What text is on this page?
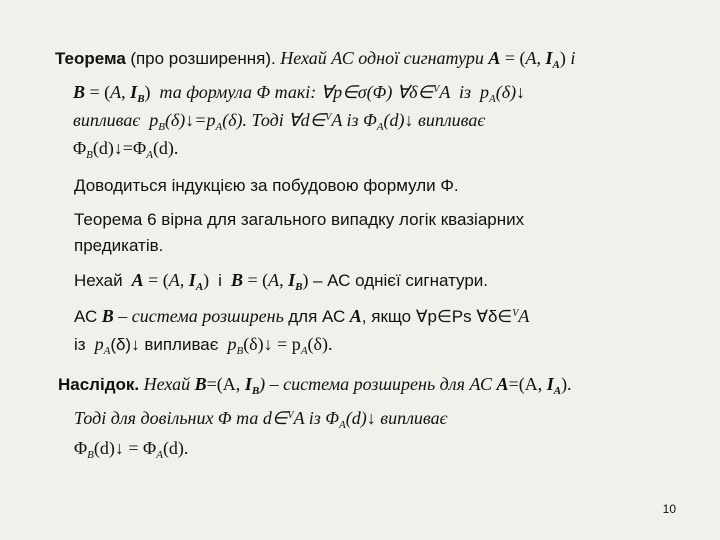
Теорема (про розширення). Нехай АС одної сигнатури A = (A, $I_A$) і
B = (A, $I_B$) та формула Φ такі: ∀p∈σ(Φ) ∀δ∈$^V$A із $p_A(\delta)↓$
випливає $p_B(\delta)↓=p_A(\delta)$. Тоді ∀d∈$^V$A із $\Phi_A(d)↓$ випливає
$\Phi_B(d)↓=\Phi_A(d)$.
Доводиться індукцією за побудовою формули Φ.
Теорема 6 вірна для загального випадку логік квазіарних
предикатів.
Нехай A = (A, $I_A$) і B = (A, $I_B$) – АС однієї сигнатури.
АС B – система розширень для АС A, якщо ∀p∈Ps ∀δ∈$^V$A
із $p_A(\delta)↓$ випливає $p_B(\delta)↓ = p_A(\delta)$.
Наслідок. Нехай B=(A, $I_B$) – система розширень для АС A=(A, $I_A$).
Тоді для довільних Φ та d∈$^V$A із $\Phi_A(d)↓$ випливає
$\Phi_B(d)↓ = \Phi_A(d)$.
10
